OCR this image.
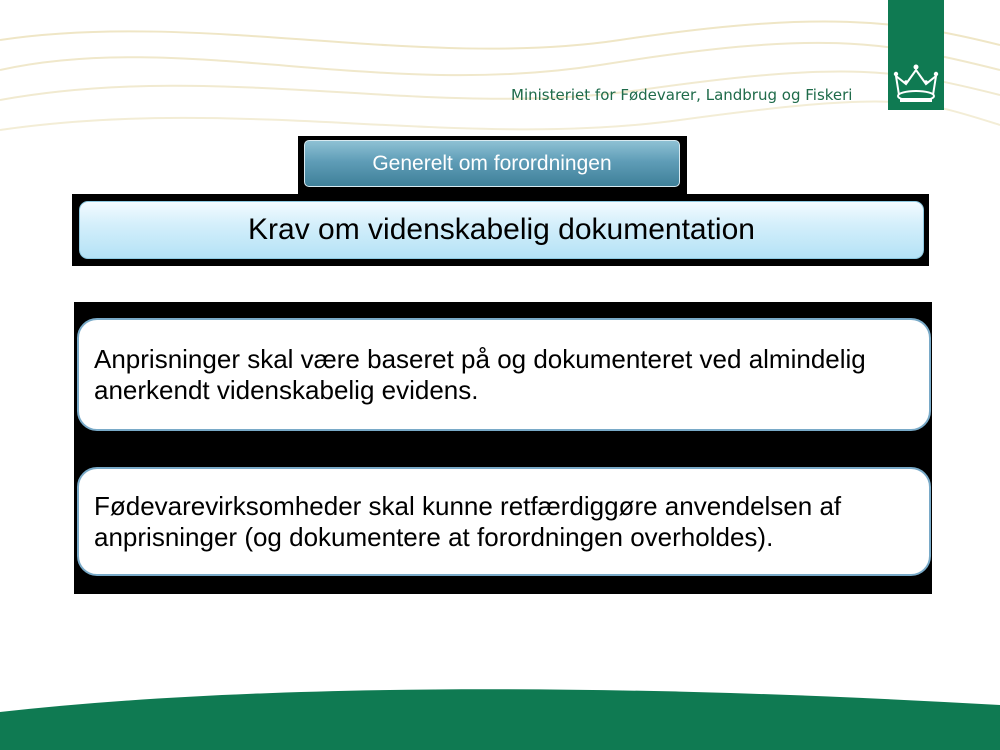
Ministeriet for Fødevarer, Landbrug og Fiskeri
Generelt om forordningen
Krav om videnskabelig dokumentation
Anprisninger skal være baseret på og dokumenteret ved almindelig anerkendt videnskabelig evidens.
Fødevarevirksomheder skal kunne retfærdiggøre anvendelsen af anprisninger (og dokumentere at forordningen overholdes).
